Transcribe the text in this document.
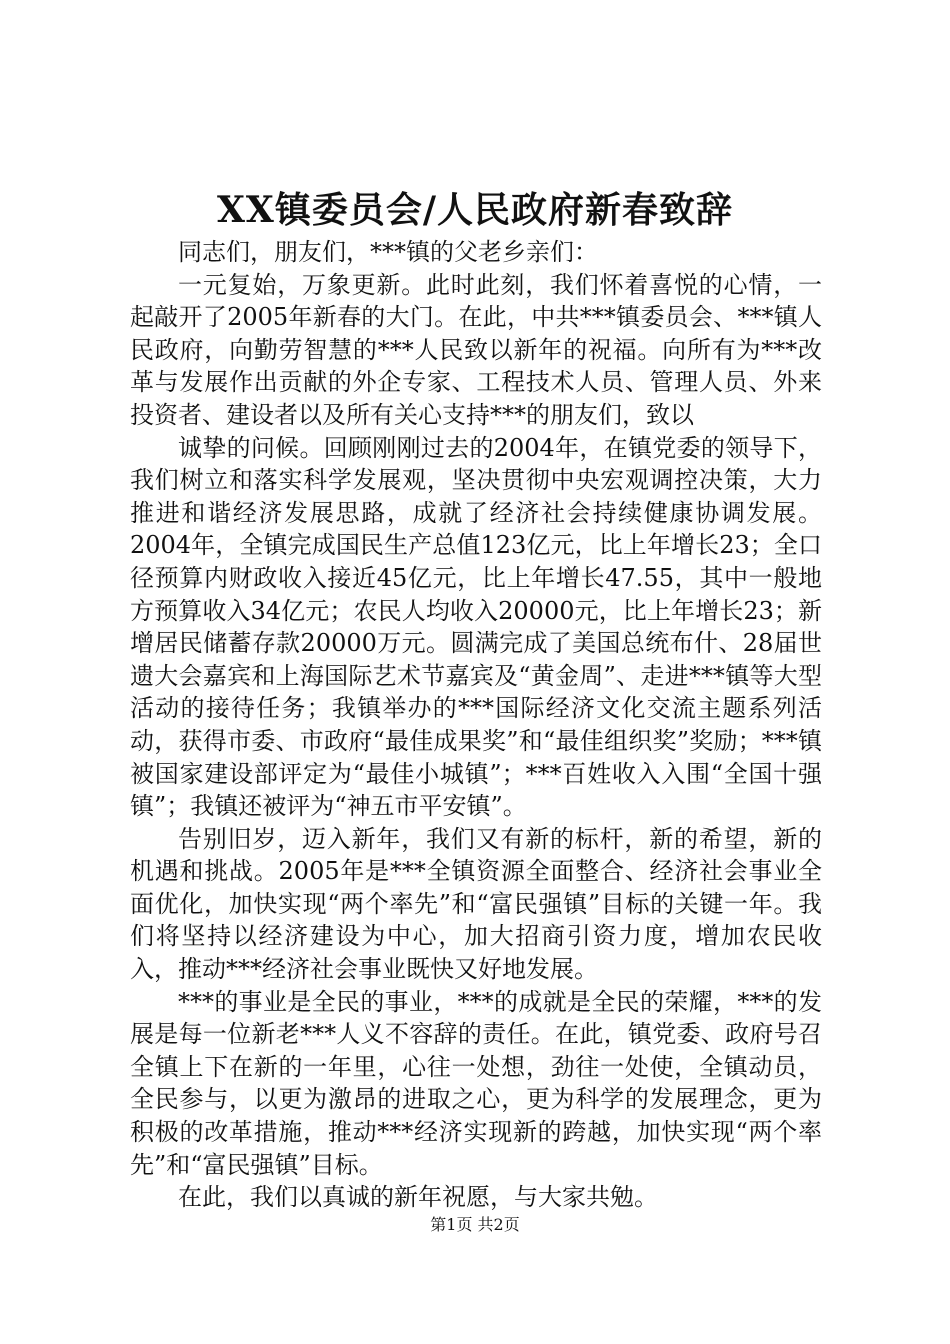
XX镇委员会/人民政府新春致辞

同志们，朋友们，***镇的父老乡亲们：

一元复始，万象更新。此时此刻，我们怀着喜悦的心情，一起敲开了2005年新春的大门。在此，中共***镇委员会、***镇人民政府，向勤劳智慧的***人民致以新年的祝福。向所有为***改革与发展作出贡献的外企专家、工程技术人员、管理人员、外来投资者、建设者以及所有关心支持***的朋友们，致以

诚挚的问候。回顾刚刚过去的2004年，在镇党委的领导下，我们树立和落实科学发展观，坚决贯彻中央宏观调控决策，大力推进和谐经济发展思路，成就了经济社会持续健康协调发展。2004年，全镇完成国民生产总值123亿元，比上年增长23；全口径预算内财政收入接近45亿元，比上年增长47.55，其中一般地方预算收入34亿元；农民人均收入20000元，比上年增长23；新增居民储蓄存款20000万元。圆满完成了美国总统布什、28届世遗大会嘉宾和上海国际艺术节嘉宾及“黄金周”、走进***镇等大型活动的接待任务；我镇举办的***国际经济文化交流主题系列活动，获得市委、市政府“最佳成果奖”和“最佳组织奖”奖励；***镇被国家建设部评定为“最佳小城镇”；***百姓收入入围“全国十强镇”；我镇还被评为“神五市平安镇”。

告别旧岁，迈入新年，我们又有新的标杆，新的希望，新的机遇和挑战。2005年是***全镇资源全面整合、经济社会事业全面优化，加快实现“两个率先”和“富民强镇”目标的关键一年。我们将坚持以经济建设为中心，加大招商引资力度，增加农民收入，推动***经济社会事业既快又好地发展。

***的事业是全民的事业，***的成就是全民的荣耀，***的发展是每一位新老***人义不容辞的责任。在此，镇党委、政府号召全镇上下在新的一年里，心往一处想，劲往一处使，全镇动员，全民参与，以更为激昂的进取之心，更为科学的发展理念，更为积极的改革措施，推动***经济实现新的跨越，加快实现“两个率先”和“富民强镇”目标。

在此，我们以真诚的新年祝愿，与大家共勉。

第1页 共2页
